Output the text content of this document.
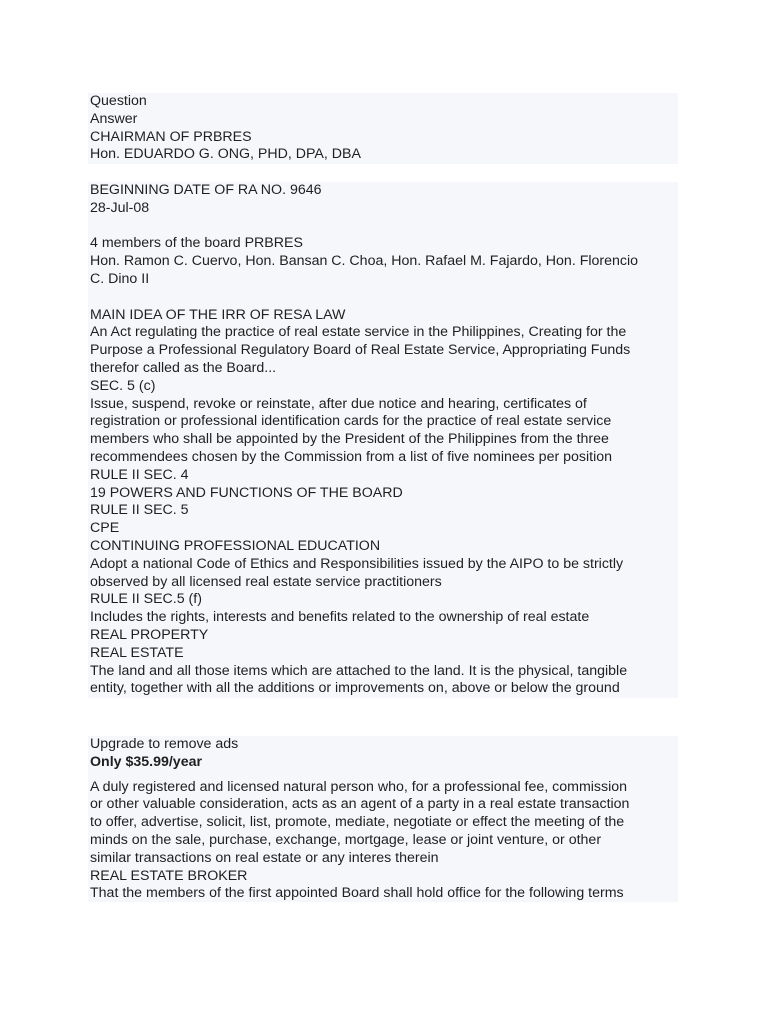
Question

Answer

CHAIRMAN OF PRBRES

Hon. EDUARDO G. ONG, PHD, DPA, DBA

BEGINNING DATE OF RA NO. 9646

28-Jul-08

4 members of the board PRBRES

Hon. Ramon C. Cuervo, Hon. Bansan C. Choa, Hon. Rafael M. Fajardo, Hon. Florencio

C. Dino II

MAIN IDEA OF THE IRR OF RESA LAW

An Act regulating the practice of real estate service in the Philippines, Creating for the

Purpose a Professional Regulatory Board of Real Estate Service, Appropriating Funds

therefor called as the Board...

SEC. 5 (c)

Issue, suspend, revoke or reinstate, after due notice and hearing, certificates of

registration or professional identification cards for the practice of real estate service

members who shall be appointed by the President of the Philippines from the three

recommendees chosen by the Commission from a list of five nominees per position

RULE II SEC. 4

19 POWERS AND FUNCTIONS OF THE BOARD

RULE II SEC. 5

CPE

CONTINUING PROFESSIONAL EDUCATION

Adopt a national Code of Ethics and Responsibilities issued by the AIPO to be strictly

observed by all licensed real estate service practitioners

RULE II SEC.5 (f)

Includes the rights, interests and benefits related to the ownership of real estate

REAL PROPERTY

REAL ESTATE

The land and all those items which are attached to the land. It is the physical, tangible

entity, together with all the additions or improvements on, above or below the ground

Upgrade to remove ads

Only $35.99/year

A duly registered and licensed natural person who, for a professional fee, commission

or other valuable consideration, acts as an agent of a party in a real estate transaction

to offer, advertise, solicit, list, promote, mediate, negotiate or effect the meeting of the

minds on the sale, purchase, exchange, mortgage, lease or joint venture, or other

similar transactions on real estate or any interes therein

REAL ESTATE BROKER

That the members of the first appointed Board shall hold office for the following terms
